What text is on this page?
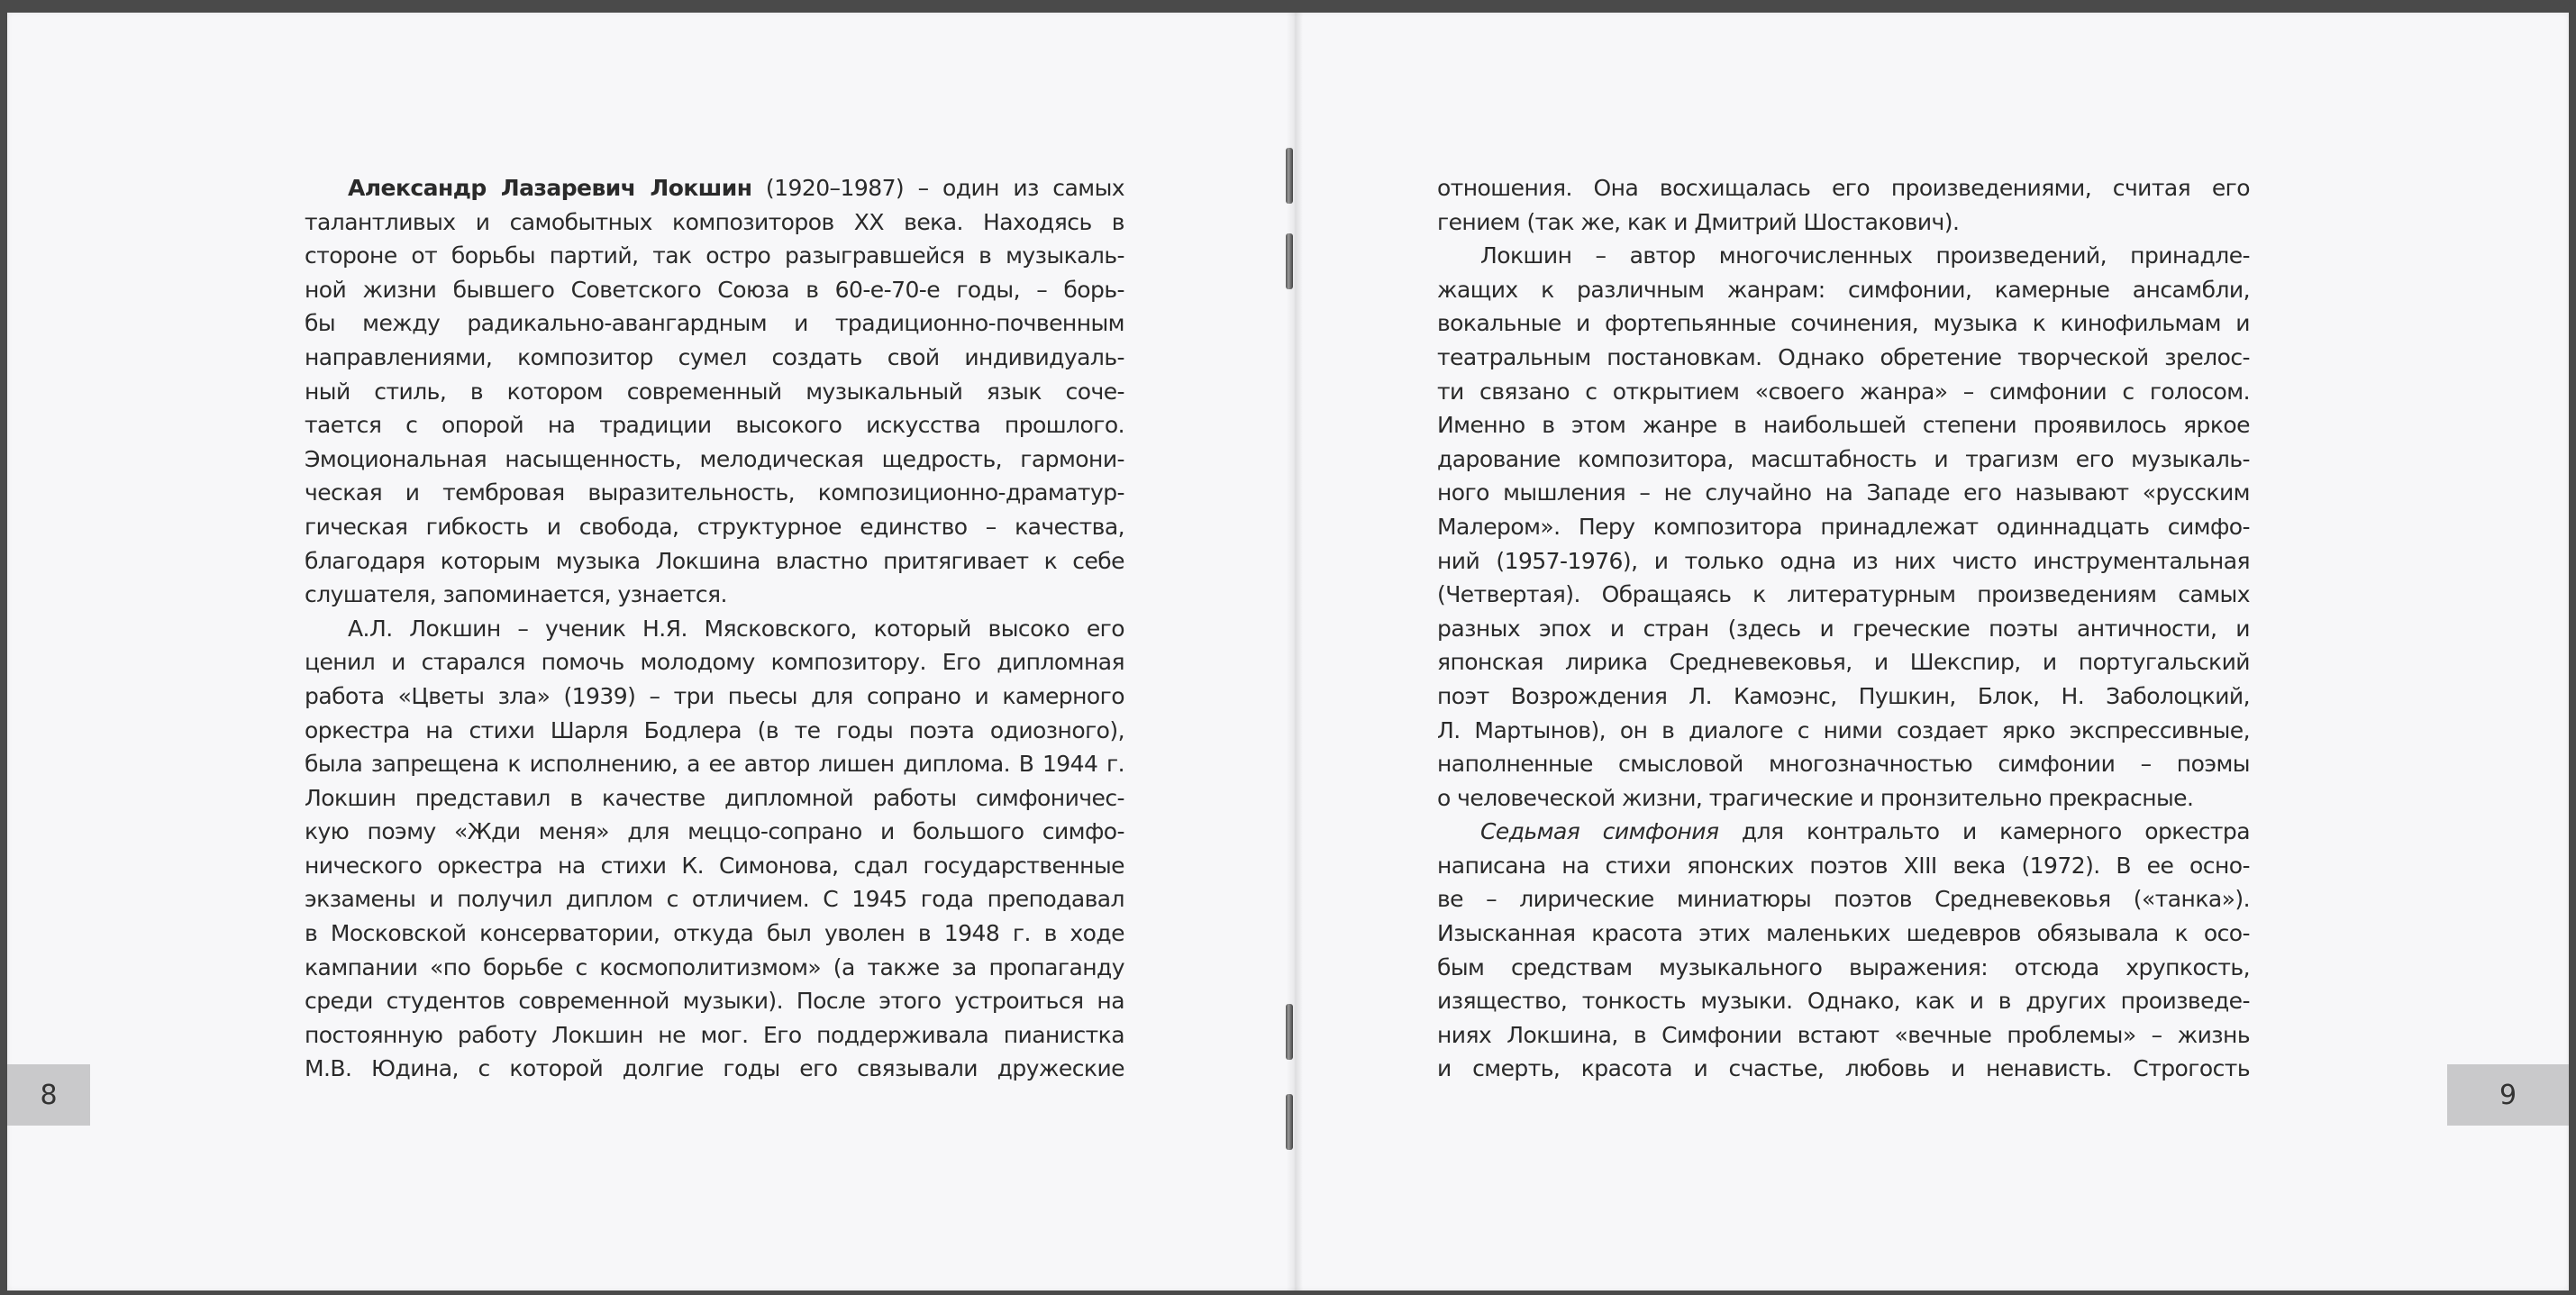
Александр Лазаревич Локшин (1920–1987) – один из самых
талантливых и самобытных композиторов XX века. Находясь в
стороне от борьбы партий, так остро разыгравшейся в музыкаль-
ной жизни бывшего Советского Союза в 60-е-70-е годы, – борь-
бы между радикально-авангардным и традиционно-почвенным
направлениями, композитор сумел создать свой индивидуаль-
ный стиль, в котором современный музыкальный язык соче-
тается с опорой на традиции высокого искусства прошлого.
Эмоциональная насыщенность, мелодическая щедрость, гармони-
ческая и тембровая выразительность, композиционно-драматур-
гическая гибкость и свобода, структурное единство – качества,
благодаря которым музыка Локшина властно притягивает к себе
слушателя, запоминается, узнается.
А.Л. Локшин – ученик Н.Я. Мясковского, который высоко его
ценил и старался помочь молодому композитору. Его дипломная
работа «Цветы зла» (1939) – три пьесы для сопрано и камерного
оркестра на стихи Шарля Бодлера (в те годы поэта одиозного),
была запрещена к исполнению, а ее автор лишен диплома. В 1944 г.
Локшин представил в качестве дипломной работы симфоничес-
кую поэму «Жди меня» для меццо-сопрано и большого симфо-
нического оркестра на стихи К. Симонова, сдал государственные
экзамены и получил диплом с отличием. С 1945 года преподавал
в Московской консерватории, откуда был уволен в 1948 г. в ходе
кампании «по борьбе с космополитизмом» (а также за пропаганду
среди студентов современной музыки). После этого устроиться на
постоянную работу Локшин не мог. Его поддерживала пианистка
М.В. Юдина, с которой долгие годы его связывали дружеские
8
отношения. Она восхищалась его произведениями, считая его
гением (так же, как и Дмитрий Шостакович).
Локшин – автор многочисленных произведений, принадле-
жащих к различным жанрам: симфонии, камерные ансамбли,
вокальные и фортепьянные сочинения, музыка к кинофильмам и
театральным постановкам. Однако обретение творческой зрелос-
ти связано с открытием «своего жанра» – симфонии с голосом.
Именно в этом жанре в наибольшей степени проявилось яркое
дарование композитора, масштабность и трагизм его музыкаль-
ного мышления – не случайно на Западе его называют «русским
Малером». Перу композитора принадлежат одиннадцать симфо-
ний (1957-1976), и только одна из них чисто инструментальная
(Четвертая). Обращаясь к литературным произведениям самых
разных эпох и стран (здесь и греческие поэты античности, и
японская лирика Средневековья, и Шекспир, и португальский
поэт Возрождения Л. Камоэнс, Пушкин, Блок, Н. Заболоцкий,
Л. Мартынов), он в диалоге с ними создает ярко экспрессивные,
наполненные смысловой многозначностью симфонии – поэмы
о человеческой жизни, трагические и пронзительно прекрасные.
Седьмая симфония для контральто и камерного оркестра
написана на стихи японских поэтов XIII века (1972). В ее осно-
ве – лирические миниатюры поэтов Средневековья («танка»).
Изысканная красота этих маленьких шедевров обязывала к осо-
бым средствам музыкального выражения: отсюда хрупкость,
изящество, тонкость музыки. Однако, как и в других произведе-
ниях Локшина, в Симфонии встают «вечные проблемы» – жизнь
и смерть, красота и счастье, любовь и ненависть. Строгость
9
